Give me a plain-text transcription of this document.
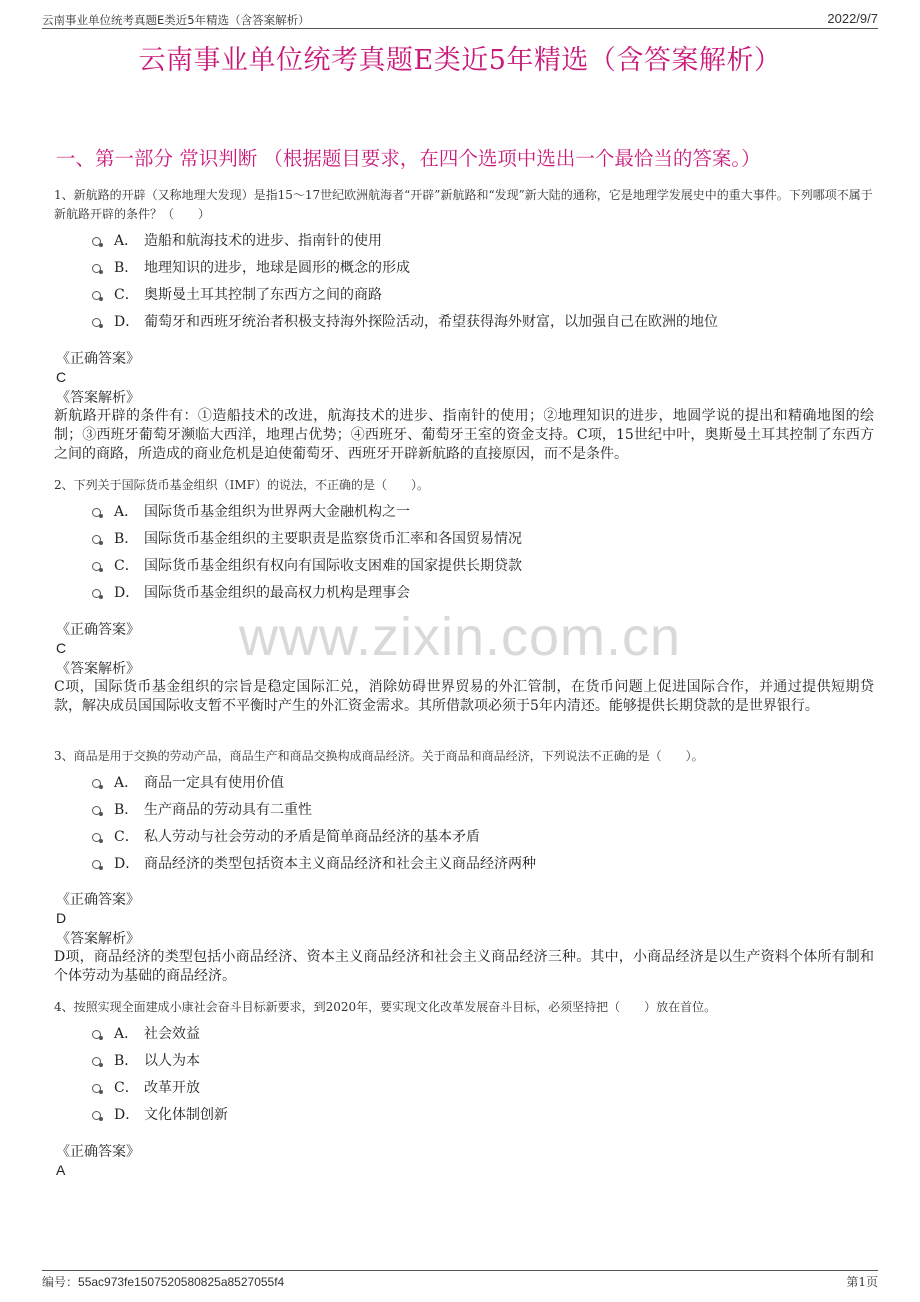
云南事业单位统考真题E类近5年精选（含答案解析）	2022/9/7
云南事业单位统考真题E类近5年精选（含答案解析）
一、第一部分 常识判断 （根据题目要求，在四个选项中选出一个最恰当的答案。）
www.zixin.com.cn

1、新航路的开辟（又称地理大发现）是指15～17世纪欧洲航海者“开辟”新航路和“发现”新大陆的通称，它是地理学发展史中的重大事件。下列哪项不属于新航路开辟的条件？（　　）

A． 造船和航海技术的进步、指南针的使用
B． 地理知识的进步，地球是圆形的概念的形成
C． 奥斯曼土耳其控制了东西方之间的商路
D． 葡萄牙和西班牙统治者积极支持海外探险活动，希望获得海外财富，以加强自己在欧洲的地位
《正确答案》
C
《答案解析》

新航路开辟的条件有：①造船技术的改进，航海技术的进步、指南针的使用；②地理知识的进步，地圆学说的提出和精确地图的绘制；③西班牙葡萄牙濒临大西洋，地理占优势；④西班牙、葡萄牙王室的资金支持。C项，15世纪中叶，奥斯曼土耳其控制了东西方之间的商路，所造成的商业危机是迫使葡萄牙、西班牙开辟新航路的直接原因，而不是条件。

2、下列关于国际货币基金组织（IMF）的说法，不正确的是（　　）。

A． 国际货币基金组织为世界两大金融机构之一
B． 国际货币基金组织的主要职责是监察货币汇率和各国贸易情况
C． 国际货币基金组织有权向有国际收支困难的国家提供长期贷款
D． 国际货币基金组织的最高权力机构是理事会
《正确答案》
C
《答案解析》

C项，国际货币基金组织的宗旨是稳定国际汇兑，消除妨碍世界贸易的外汇管制，在货币问题上促进国际合作，并通过提供短期贷款，解决成员国国际收支暂不平衡时产生的外汇资金需求。其所借款项必须于5年内清还。能够提供长期贷款的是世界银行。

3、商品是用于交换的劳动产品，商品生产和商品交换构成商品经济。关于商品和商品经济，下列说法不正确的是（　　）。

A． 商品一定具有使用价值
B． 生产商品的劳动具有二重性
C． 私人劳动与社会劳动的矛盾是简单商品经济的基本矛盾
D． 商品经济的类型包括资本主义商品经济和社会主义商品经济两种
《正确答案》
D
《答案解析》

D项，商品经济的类型包括小商品经济、资本主义商品经济和社会主义商品经济三种。其中，小商品经济是以生产资料个体所有制和个体劳动为基础的商品经济。

4、按照实现全面建成小康社会奋斗目标新要求，到2020年，要实现文化改革发展奋斗目标，必须坚持把（　　）放在首位。

A． 社会效益
B． 以人为本
C． 改革开放
D． 文化体制创新
《正确答案》
A
编号：55ac973fe1507520580825a8527055f4	第1页
